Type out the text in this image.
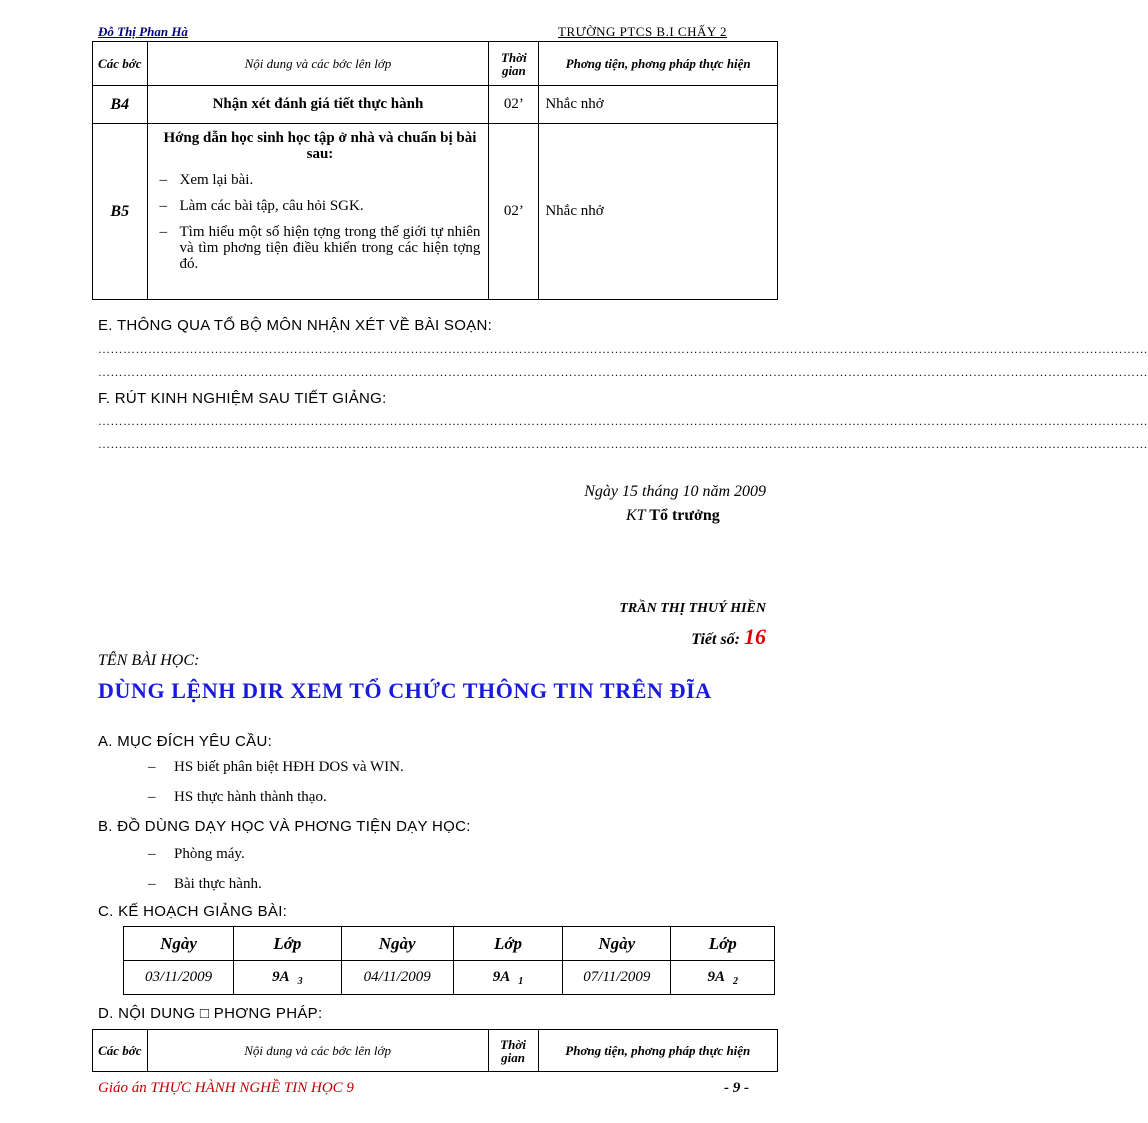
Đỗ Thị Phan Hà	TRƯỜNG PTCS B.I CHẤY 2
Các bớc	Nội dung và các bớc lên lớp	Thời gian	Phơng tiện, phơng pháp thực hiện
B4	Nhận xét đánh giá tiết thực hành	02’	Nhắc nhở
B5	Hớng dẫn học sinh học tập ở nhà và chuẩn bị bài sau:
– Xem lại bài.
– Làm các bài tập, câu hỏi SGK.
– Tìm hiểu một số hiện tợng trong thế giới tự nhiên và tìm phơng tiện điều khiển trong các hiện tợng đó.	02’	Nhắc nhở
E. THÔNG QUA TỔ BỘ MÔN NHẬN XÉT VỀ BÀI SOẠN:
………………………………………………………………………………………………………………………………………………………………………………………………………………………………
………………………………………………………………………………………………………………………………………………………………………………………………………………………………
F. RÚT KINH NGHIỆM SAU TIẾT GIẢNG:
………………………………………………………………………………………………………………………………………………………………………………………………………………………………
………………………………………………………………………………………………………………………………………………………………………………………………………………………………
Ngày 15 tháng 10 năm 2009
KT Tổ trưởng
TRẦN THỊ THUÝ HIỀN
Tiết số: 16
TÊN BÀI HỌC:
DÙNG LỆNH DIR XEM TỔ CHỨC THÔNG TIN TRÊN ĐĨA
A. MỤC ĐÍCH YÊU CẦU:
– HS biết phân biệt HĐH DOS và WIN.
– HS thực hành thành thạo.
B. ĐỒ DÙNG DẠY HỌC VÀ PHƠNG TIỆN DẠY HỌC:
– Phòng máy.
– Bài thực hành.
C. KẾ HOẠCH GIẢNG BÀI:
Ngày	Lớp	Ngày	Lớp	Ngày	Lớp
03/11/2009	9A $_3$	04/11/2009	9A $_1$	07/11/2009	9A $_2$
D. NỘI DUNG □ PHƠNG PHÁP:
Các bớc	Nội dung và các bớc lên lớp	Thời gian	Phơng tiện, phơng pháp thực hiện
Giáo án THỰC HÀNH NGHỀ TIN HỌC 9	- 9 -
